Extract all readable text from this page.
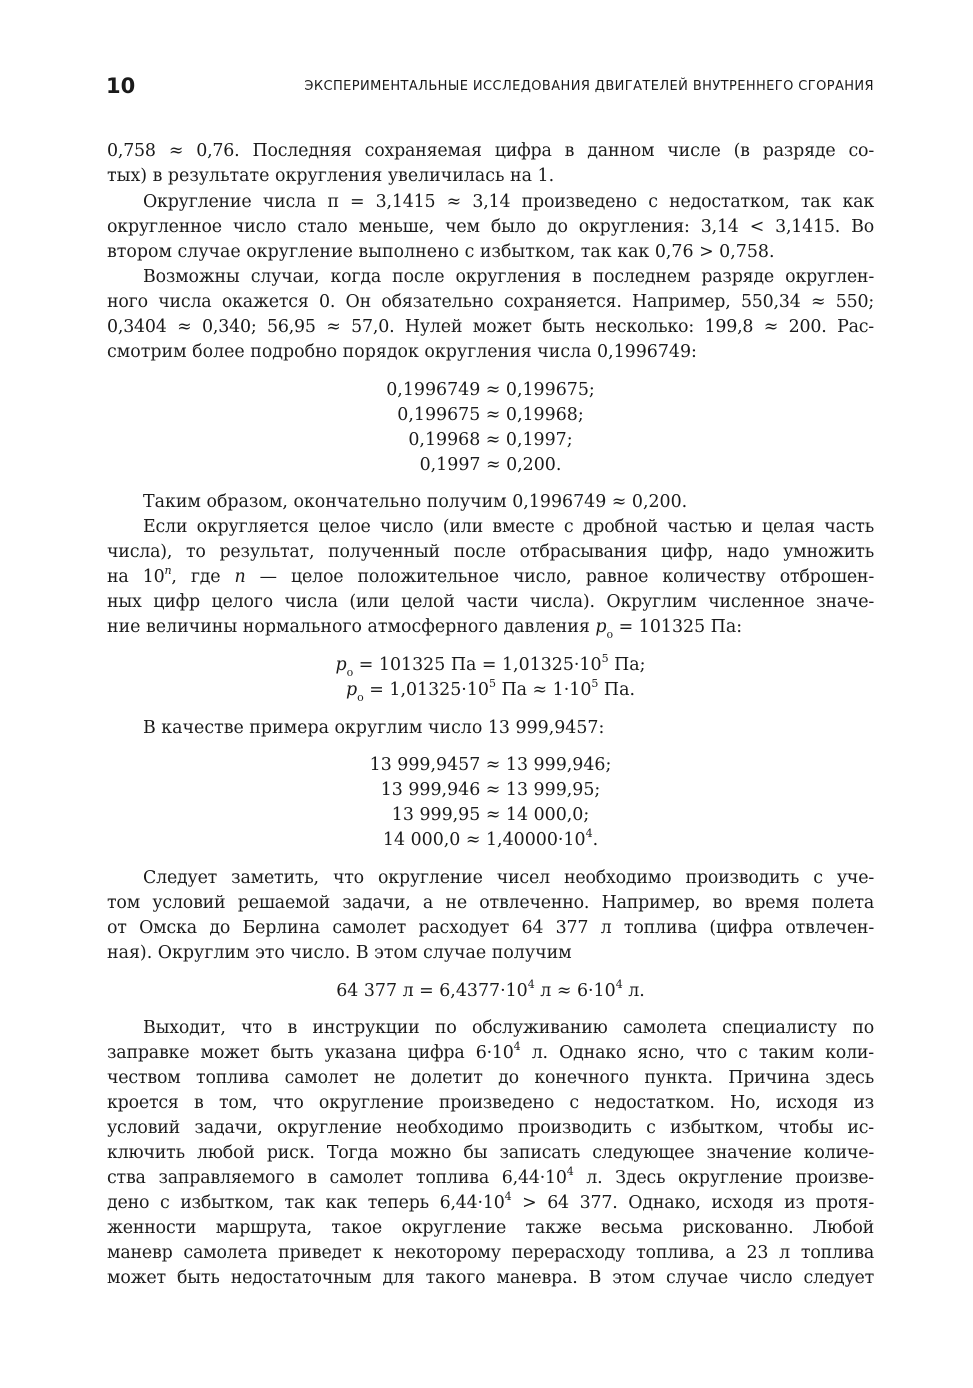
10	ЭКСПЕРИМЕНТАЛЬНЫЕ ИССЛЕДОВАНИЯ ДВИГАТЕЛЕЙ ВНУТРЕННЕГО СГОРАНИЯ
0,758 ≈ 0,76. Последняя сохраняемая цифра в данном числе (в разряде со-
тых) в результате округления увеличилась на 1.
Округление числа π = 3,1415 ≈ 3,14 произведено с недостатком, так как
округленное число стало меньше, чем было до округления: 3,14 < 3,1415. Во
втором случае округление выполнено с избытком, так как 0,76 > 0,758.
Возможны случаи, когда после округления в последнем разряде округлен-
ного числа окажется 0. Он обязательно сохраняется. Например, 550,34 ≈ 550;
0,3404 ≈ 0,340; 56,95 ≈ 57,0. Нулей может быть несколько: 199,8 ≈ 200. Рас-
смотрим более подробно порядок округления числа 0,1996749:
0,1996749 ≈ 0,199675;
0,199675 ≈ 0,19968;
0,19968 ≈ 0,1997;
0,1997 ≈ 0,200.
Таким образом, окончательно получим 0,1996749 ≈ 0,200.
Если округляется целое число (или вместе с дробной частью и целая часть
числа), то результат, полученный после отбрасывания цифр, надо умножить
на 10$^n$, где n — целое положительное число, равное количеству отброшен-
ных цифр целого числа (или целой части числа). Округлим численное значе-
ние величины нормального атмосферного давления $p_о = 101325$ Па:
$p_о = 101325$ Па = $1,01325\cdot 10^5$ Па;
$p_о = 1,01325\cdot 10^5$ Па ≈ $1\cdot 10^5$ Па.
В качестве примера округлим число 13 999,9457:
13 999,9457 ≈ 13 999,946;
13 999,946 ≈ 13 999,95;
13 999,95 ≈ 14 000,0;
14 $000,0 \approx 1,40000\cdot 10^4$.
Следует заметить, что округление чисел необходимо производить с уче-
том условий решаемой задачи, а не отвлеченно. Например, во время полета
от Омска до Берлина самолет расходует 64 377 л топлива (цифра отвлечен-
ная). Округлим это число. В этом случае получим
64 377 $л = 6,4377\cdot 10^4$ $л \approx 6\cdot 10^4$ л.
Выходит, что в инструкции по обслуживанию самолета специалисту по
заправке может быть указана цифра $6\cdot 10^4$ л. Однако ясно, что с таким коли-
чеством топлива самолет не долетит до конечного пункта. Причина здесь
кроется в том, что округление произведено с недостатком. Но, исходя из
условий задачи, округление необходимо производить с избытком, чтобы ис-
ключить любой риск. Тогда можно бы записать следующее значение количе-
ства заправляемого в самолет топлива $6,44\cdot 10^4$ л. Здесь округление произве-
дено с избытком, так как теперь $6,44\cdot 10^4 > 64$ 377. Однако, исходя из протя-
женности маршрута, такое округление также весьма рискованно. Любой
маневр самолета приведет к некоторому перерасходу топлива, а 23 л топлива
может быть недостаточным для такого маневра. В этом случае число следует
